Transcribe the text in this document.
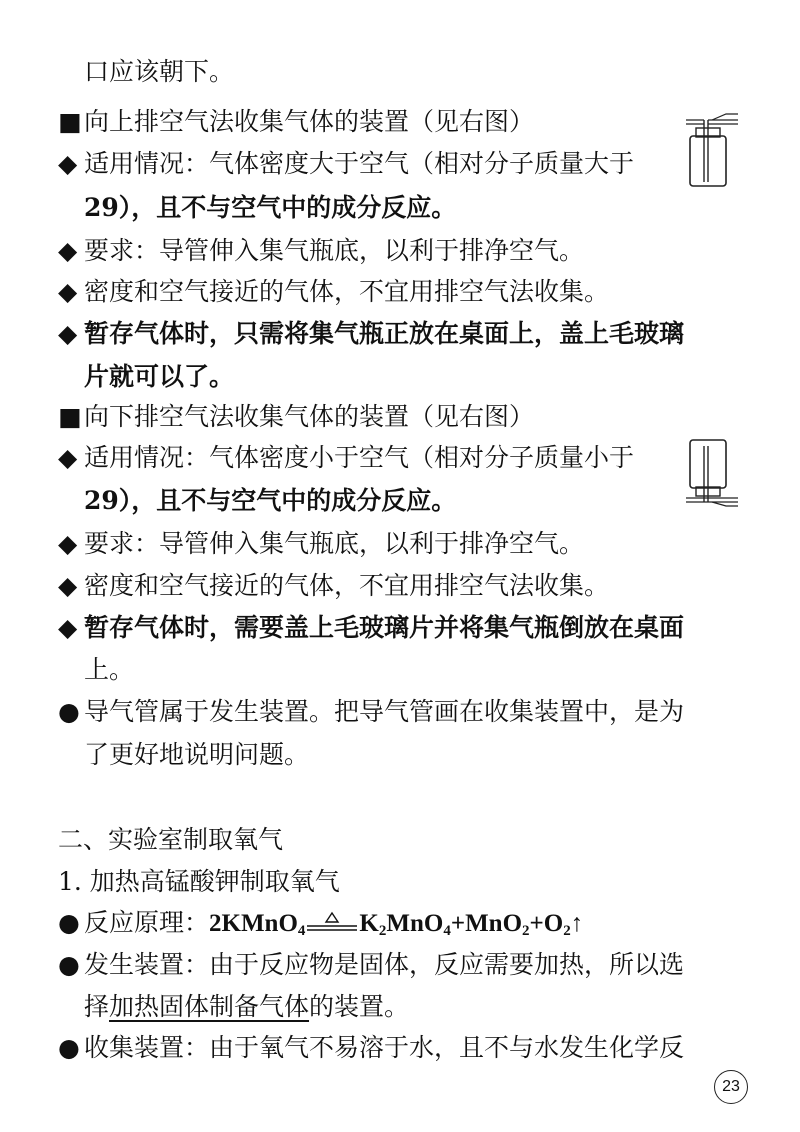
口应该朝下。
■向上排空气法收集气体的装置（见右图）
◆ 适用情况：气体密度大于空气（相对分子质量大于
29），且不与空气中的成分反应。
◆ 要求：导管伸入集气瓶底，以利于排净空气。
◆ 密度和空气接近的气体，不宜用排空气法收集。
◆ 暂存气体时，只需将集气瓶正放在桌面上，盖上毛玻璃
片就可以了。
■向下排空气法收集气体的装置（见右图）
◆ 适用情况：气体密度小于空气（相对分子质量小于
29），且不与空气中的成分反应。
◆ 要求：导管伸入集气瓶底，以利于排净空气。
◆ 密度和空气接近的气体，不宜用排空气法收集。
◆ 暂存气体时，需要盖上毛玻璃片并将集气瓶倒放在桌面
上。
● 导气管属于发生装置。把导气管画在收集装置中，是为
了更好地说明问题。
二、实验室制取氧气
1. 加热高锰酸钾制取氧气
● 反应原理：2KMnO$_4$ $K_2MnO_4+MnO_2+O_2↑$
● 发生装置：由于反应物是固体，反应需要加热，所以选
择加热固体制备气体的装置。
● 收集装置：由于氧气不易溶于水，且不与水发生化学反
23
